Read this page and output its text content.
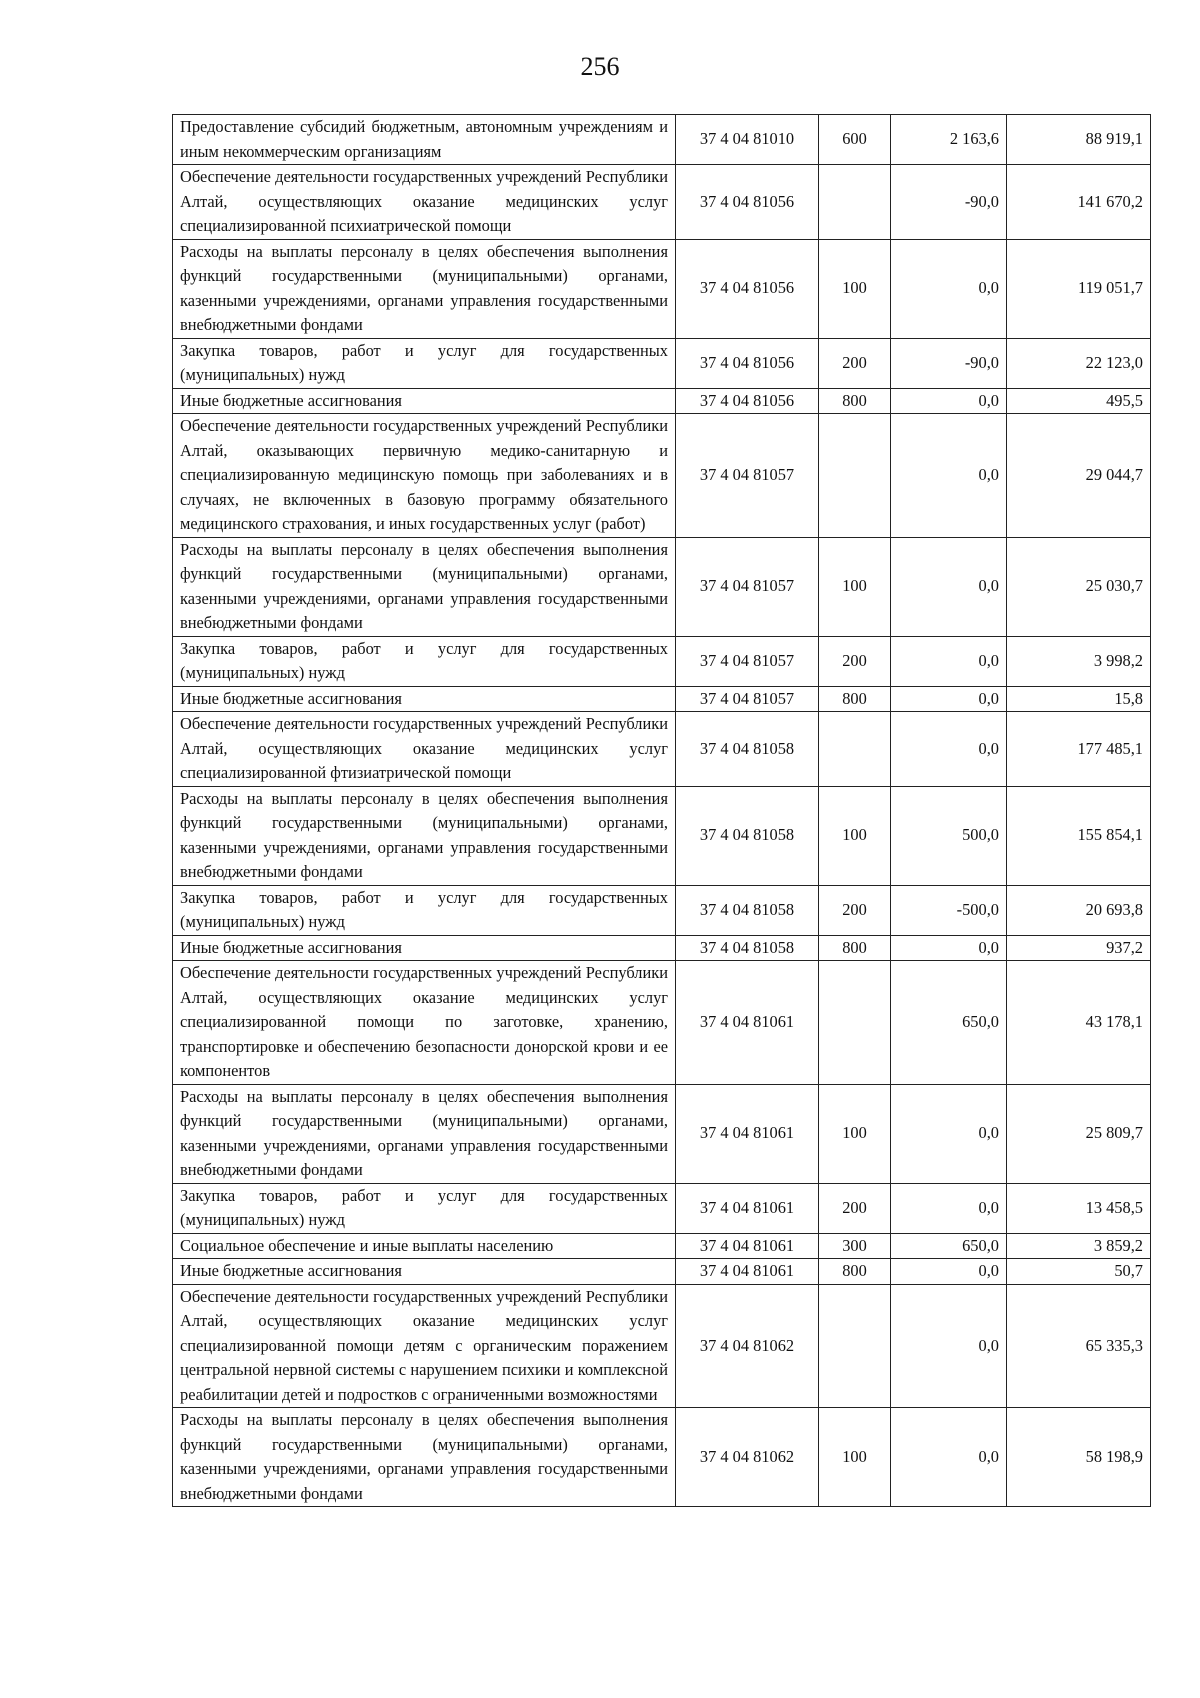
256
Предоставление субсидий бюджетным, автономным учреждениям и иным некоммерческим организациям	37 4 04 81010	600	2 163,6	88 919,1
Обеспечение деятельности государственных учреждений Республики Алтай, осуществляющих оказание медицинских услуг специализированной психиатрической помощи	37 4 04 81056		-90,0	141 670,2
Расходы на выплаты персоналу в целях обеспечения выполнения функций государственными (муниципальными) органами, казенными учреждениями, органами управления государственными внебюджетными фондами	37 4 04 81056	100	0,0	119 051,7
Закупка товаров, работ и услуг для государственных (муниципальных) нужд	37 4 04 81056	200	-90,0	22 123,0
Иные бюджетные ассигнования	37 4 04 81056	800	0,0	495,5
Обеспечение деятельности государственных учреждений Республики Алтай, оказывающих первичную медико-санитарную и специализированную медицинскую помощь при заболеваниях и в случаях, не включенных в базовую программу обязательного медицинского страхования, и иных государственных услуг (работ)	37 4 04 81057		0,0	29 044,7
Расходы на выплаты персоналу в целях обеспечения выполнения функций государственными (муниципальными) органами, казенными учреждениями, органами управления государственными внебюджетными фондами	37 4 04 81057	100	0,0	25 030,7
Закупка товаров, работ и услуг для государственных (муниципальных) нужд	37 4 04 81057	200	0,0	3 998,2
Иные бюджетные ассигнования	37 4 04 81057	800	0,0	15,8
Обеспечение деятельности государственных учреждений Республики Алтай, осуществляющих оказание медицинских услуг специализированной фтизиатрической помощи	37 4 04 81058		0,0	177 485,1
Расходы на выплаты персоналу в целях обеспечения выполнения функций государственными (муниципальными) органами, казенными учреждениями, органами управления государственными внебюджетными фондами	37 4 04 81058	100	500,0	155 854,1
Закупка товаров, работ и услуг для государственных (муниципальных) нужд	37 4 04 81058	200	-500,0	20 693,8
Иные бюджетные ассигнования	37 4 04 81058	800	0,0	937,2
Обеспечение деятельности государственных учреждений Республики Алтай, осуществляющих оказание медицинских услуг специализированной помощи по заготовке, хранению, транспортировке и обеспечению безопасности донорской крови и ее компонентов	37 4 04 81061		650,0	43 178,1
Расходы на выплаты персоналу в целях обеспечения выполнения функций государственными (муниципальными) органами, казенными учреждениями, органами управления государственными внебюджетными фондами	37 4 04 81061	100	0,0	25 809,7
Закупка товаров, работ и услуг для государственных (муниципальных) нужд	37 4 04 81061	200	0,0	13 458,5
Социальное обеспечение и иные выплаты населению	37 4 04 81061	300	650,0	3 859,2
Иные бюджетные ассигнования	37 4 04 81061	800	0,0	50,7
Обеспечение деятельности государственных учреждений Республики Алтай, осуществляющих оказание медицинских услуг специализированной помощи детям с органическим поражением центральной нервной системы с нарушением психики и комплексной реабилитации детей и подростков с ограниченными возможностями	37 4 04 81062		0,0	65 335,3
Расходы на выплаты персоналу в целях обеспечения выполнения функций государственными (муниципальными) органами, казенными учреждениями, органами управления государственными внебюджетными фондами	37 4 04 81062	100	0,0	58 198,9
